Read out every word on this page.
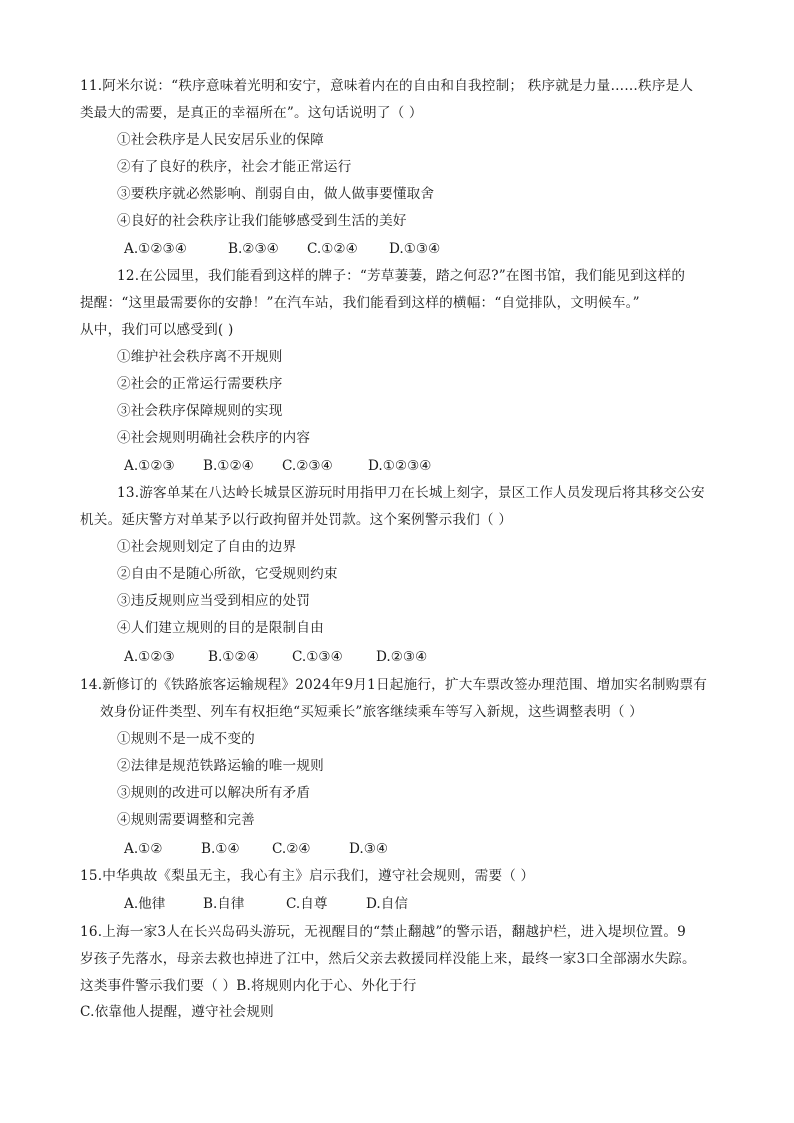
11.阿米尔说：“秩序意味着光明和安宁，意味着内在的自由和自我控制； 秩序就是力量……秩序是人
类最大的需要，是真正的幸福所在”。这句话说明了（ ）
①社会秩序是人民安居乐业的保障
②有了良好的秩序，社会才能正常运行
③要秩序就必然影响、削弱自由，做人做事要懂取舍
④良好的社会秩序让我们能够感受到生活的美好
A.①②③④	B.②③④ C.①②④ D.①③④
12.在公园里，我们能看到这样的牌子：“芳草萋萋，踏之何忍?”在图书馆，我们能见到这样的
提醒：“这里最需要你的安静！”在汽车站，我们能看到这样的横幅：“自觉排队，文明候车。”
从中，我们可以感受到( )
①维护社会秩序离不开规则
②社会的正常运行需要秩序
③社会秩序保障规则的实现
④社会规则明确社会秩序的内容
A.①②③ B.①②④ C.②③④	D.①②③④
13.游客单某在八达岭长城景区游玩时用指甲刀在长城上刻字，景区工作人员发现后将其移交公安
机关。延庆警方对单某予以行政拘留并处罚款。这个案例警示我们（ ）
①社会规则划定了自由的边界
②自由不是随心所欲，它受规则约束
③违反规则应当受到相应的处罚
④人们建立规则的目的是限制自由
A.①②③ B.①②④ C.①③④ D.②③④
14.新修订的《铁路旅客运输规程》2024年9月1日起施行，扩大车票改签办理范围、增加实名制购票有
效身份证件类型、列车有权拒绝“买短乘长”旅客继续乘车等写入新规，这些调整表明（ ）
①规则不是一成不变的
②法律是规范铁路运输的唯一规则
③规则的改进可以解决所有矛盾
④规则需要调整和完善
A.①②	B.①④ C.②④	D.③④
15.中华典故《梨虽无主，我心有主》启示我们，遵守社会规则，需要（ ）
A.他律	B.自律	C.自尊	D.自信
16.上海一家3人在长兴岛码头游玩，无视醒目的“禁止翻越”的警示语，翻越护栏，进入堤坝位置。9
岁孩子先落水，母亲去救也掉进了江中，然后父亲去救援同样没能上来，最终一家3口全部溺水失踪。
这类事件警示我们要（ ）B.将规则内化于心、外化于行
C.依靠他人提醒，遵守社会规则
